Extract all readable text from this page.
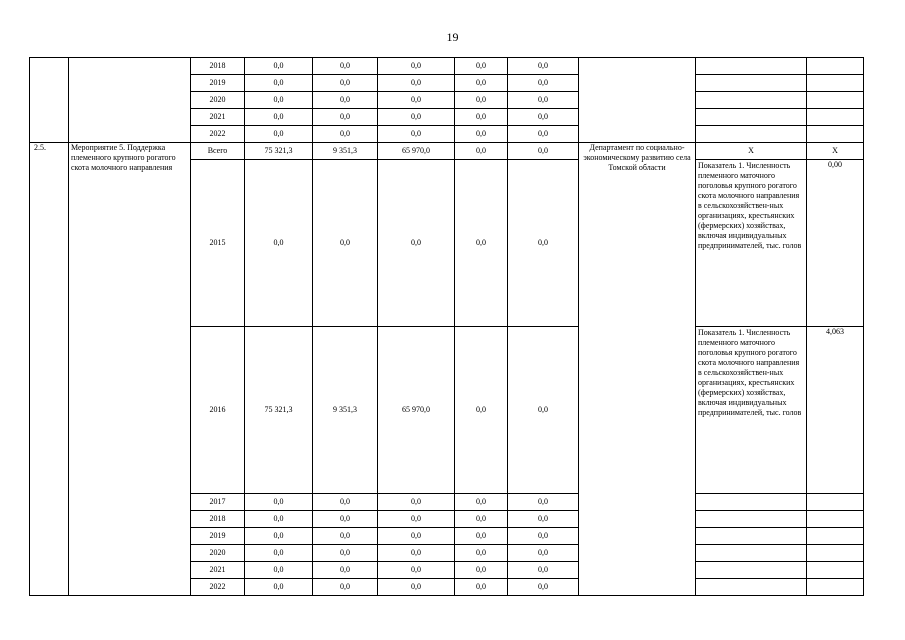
19
		2018	0,0	0,0	0,0	0,0	0,0			
		2019	0,0	0,0	0,0	0,0	0,0			
		2020	0,0	0,0	0,0	0,0	0,0			
		2021	0,0	0,0	0,0	0,0	0,0			
		2022	0,0	0,0	0,0	0,0	0,0			
2.5.	Мероприятие 5. Поддержка племенного крупного рогатого скота молочного направления	Всего	75 321,3	9 351,3	65 970,0	0,0	0,0	Департамент по социально-экономическому развитию села Томской области	Х	Х
		2015	0,0	0,0	0,0	0,0	0,0		Показатель 1. Численность племенного маточного поголовья крупного рогатого скота молочного направления в сельскохозяйствен-ных организациях, крестьянских (фермерских) хозяйствах, включая индивидуальных предпринимателей, тыс. голов	0,00
		2016	75 321,3	9 351,3	65 970,0	0,0	0,0		Показатель 1. Численность племенного маточного поголовья крупного рогатого скота молочного направления в сельскохозяйствен-ных организациях, крестьянских (фермерских) хозяйствах, включая индивидуальных предпринимателей, тыс. голов	4,063
		2017	0,0	0,0	0,0	0,0	0,0			
		2018	0,0	0,0	0,0	0,0	0,0			
		2019	0,0	0,0	0,0	0,0	0,0			
		2020	0,0	0,0	0,0	0,0	0,0			
		2021	0,0	0,0	0,0	0,0	0,0			
		2022	0,0	0,0	0,0	0,0	0,0			
